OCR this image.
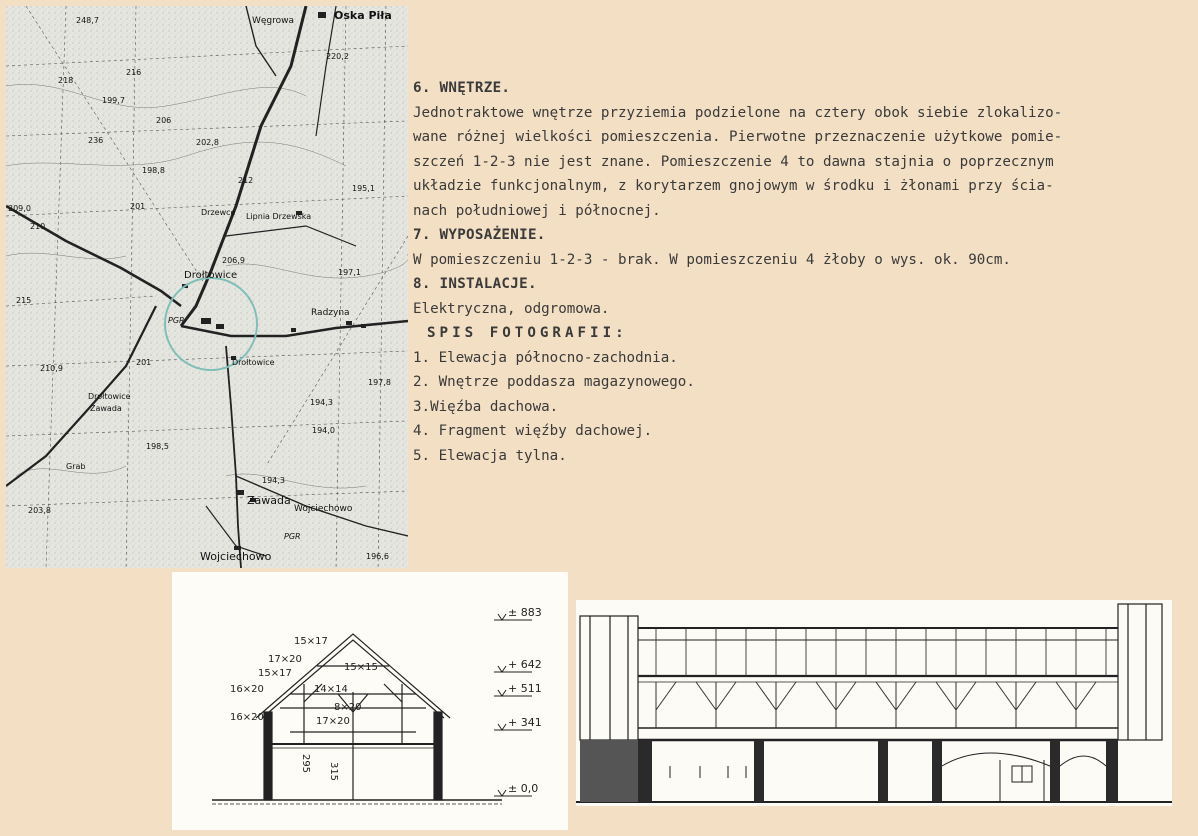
Węgrowa	Oska Piła
Drzewce Lipnia Drzewska
Drołtowice
PGR
Radzyna
Drołtowice
Drołtowice
Zawada
Zawada
Wojciechowo
Wojciechowo
PGR
Grab
248,7
218
216
199,7
206
236	202,8
198,8
209,0
210
201
212
206,9
197,1
195,1
215
210,9
201
198,5
194,0
194,3
197,8
194,3
220,2
196,6
203,8
6. WNĘTRZE.
Jednotraktowe wnętrze przyziemia podzielone na cztery obok siebie zlokalizo-
wane różnej wielkości pomieszczenia. Pierwotne przeznaczenie użytkowe pomie-
szczeń 1-2-3 nie jest znane. Pomieszczenie 4 to dawna stajnia o poprzecznym
układzie funkcjonalnym, z korytarzem gnojowym w środku i żłonami przy ścia-
nach południowej i północnej.
7. WYPOSAŻENIE.
W pomieszczeniu 1-2-3 - brak. W pomieszczeniu 4 żłoby o wys. ok. 90cm.
8. INSTALACJE.
Elektryczna, odgromowa.
SPIS FOTOGRAFII:
1. Elewacja północno-zachodnia.
2. Wnętrze poddasza magazynowego.
3.Więźba dachowa.
4. Fragment więźby dachowej.
5. Elewacja tylna.
± 883
+ 642
+ 511
+ 341
± 0,0
15×17
17×20
15×17
15×15
16×20	14×14
8×20
16×20	17×20
295 315
